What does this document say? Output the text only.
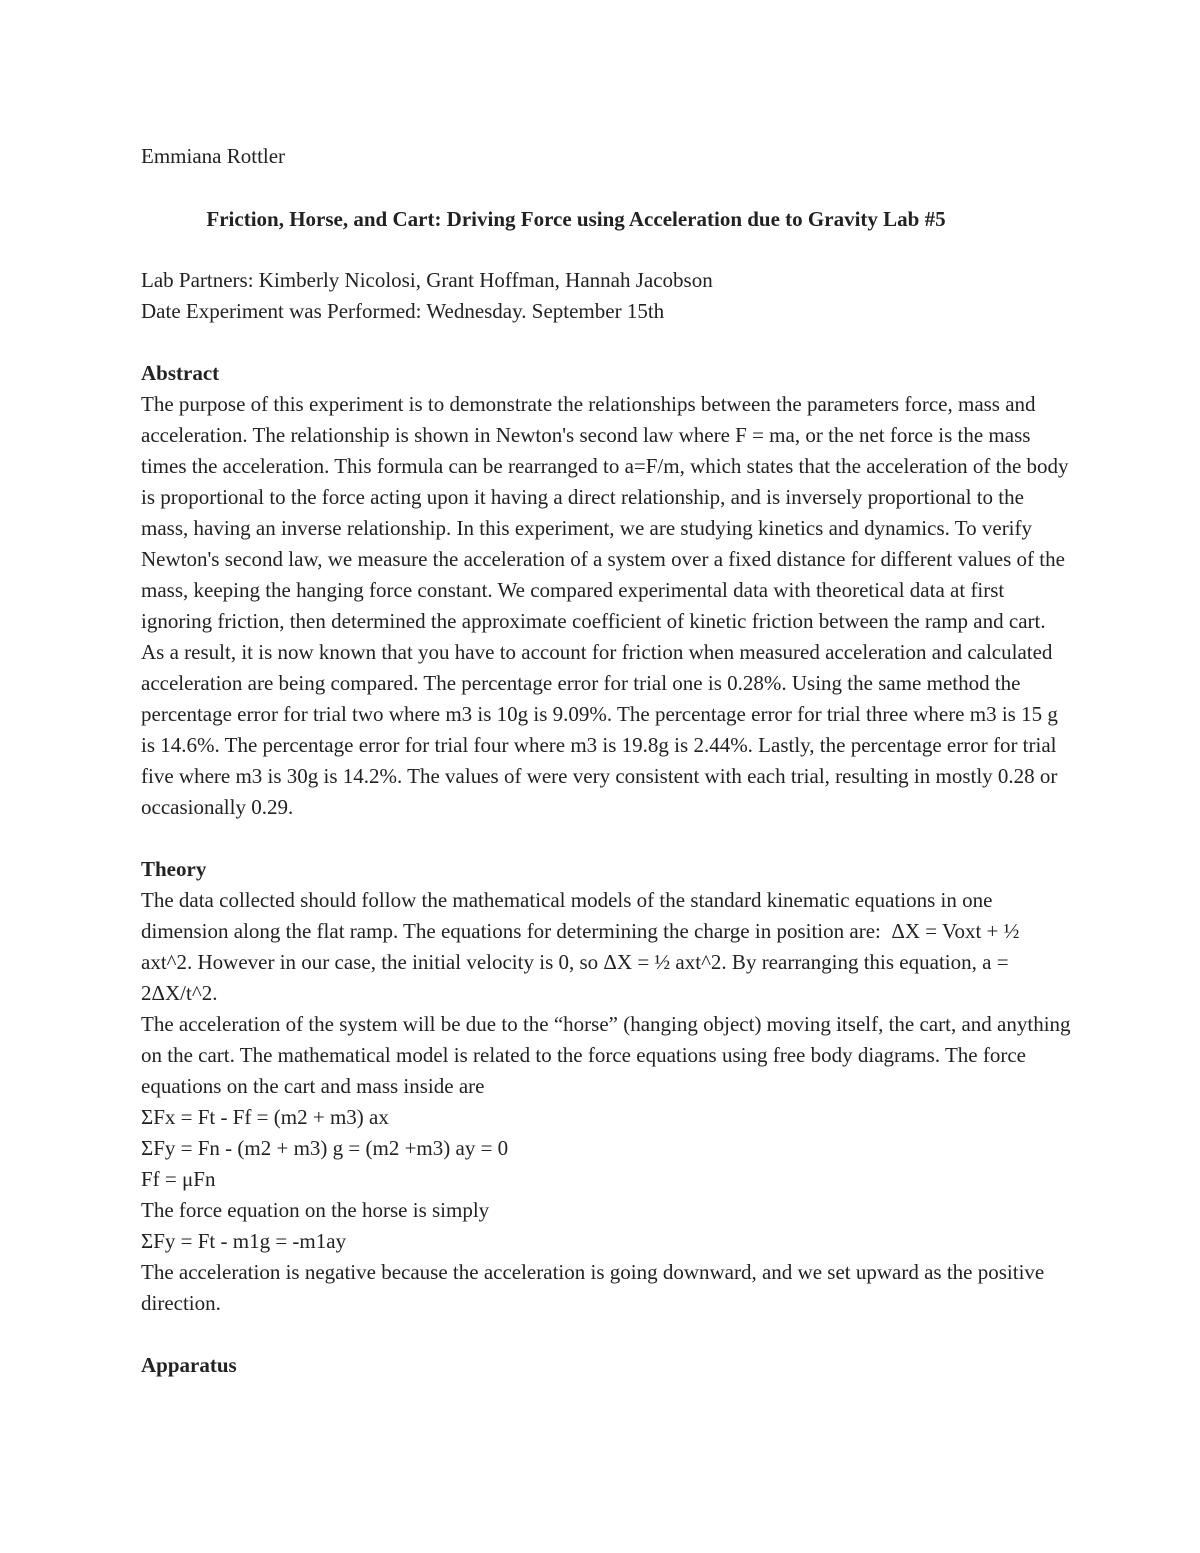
Emmiana Rottler

Friction, Horse, and Cart: Driving Force using Acceleration due to Gravity Lab #5

Lab Partners: Kimberly Nicolosi, Grant Hoffman, Hannah Jacobson

Date Experiment was Performed: Wednesday. September 15th

Abstract

The purpose of this experiment is to demonstrate the relationships between the parameters force, mass and acceleration. The relationship is shown in Newton's second law where F = ma, or the net force is the mass times the acceleration. This formula can be rearranged to a=F/m, which states that the acceleration of the body is proportional to the force acting upon it having a direct relationship, and is inversely proportional to the mass, having an inverse relationship. In this experiment, we are studying kinetics and dynamics. To verify Newton's second law, we measure the acceleration of a system over a fixed distance for different values of the mass, keeping the hanging force constant. We compared experimental data with theoretical data at first ignoring friction, then determined the approximate coefficient of kinetic friction between the ramp and cart. As a result, it is now known that you have to account for friction when measured acceleration and calculated acceleration are being compared. The percentage error for trial one is 0.28%. Using the same method the percentage error for trial two where m3 is 10g is 9.09%. The percentage error for trial three where m3 is 15 g is 14.6%. The percentage error for trial four where m3 is 19.8g is 2.44%. Lastly, the percentage error for trial five where m3 is 30g is 14.2%. The values of were very consistent with each trial, resulting in mostly 0.28 or occasionally 0.29.

Theory

The data collected should follow the mathematical models of the standard kinematic equations in one dimension along the flat ramp. The equations for determining the charge in position are:  ΔX = Voxt + ½ axt^2. However in our case, the initial velocity is 0, so ΔX = ½ axt^2. By rearranging this equation, a = 2ΔX/t^2.

The acceleration of the system will be due to the “horse” (hanging object) moving itself, the cart, and anything on the cart. The mathematical model is related to the force equations using free body diagrams. The force equations on the cart and mass inside are

ΣFx = Ft - Ff = (m2 + m3) ax

ΣFy = Fn - (m2 + m3) g = (m2 +m3) ay = 0

Ff = μFn

The force equation on the horse is simply

ΣFy = Ft - m1g = -m1ay

The acceleration is negative because the acceleration is going downward, and we set upward as the positive direction.

Apparatus
